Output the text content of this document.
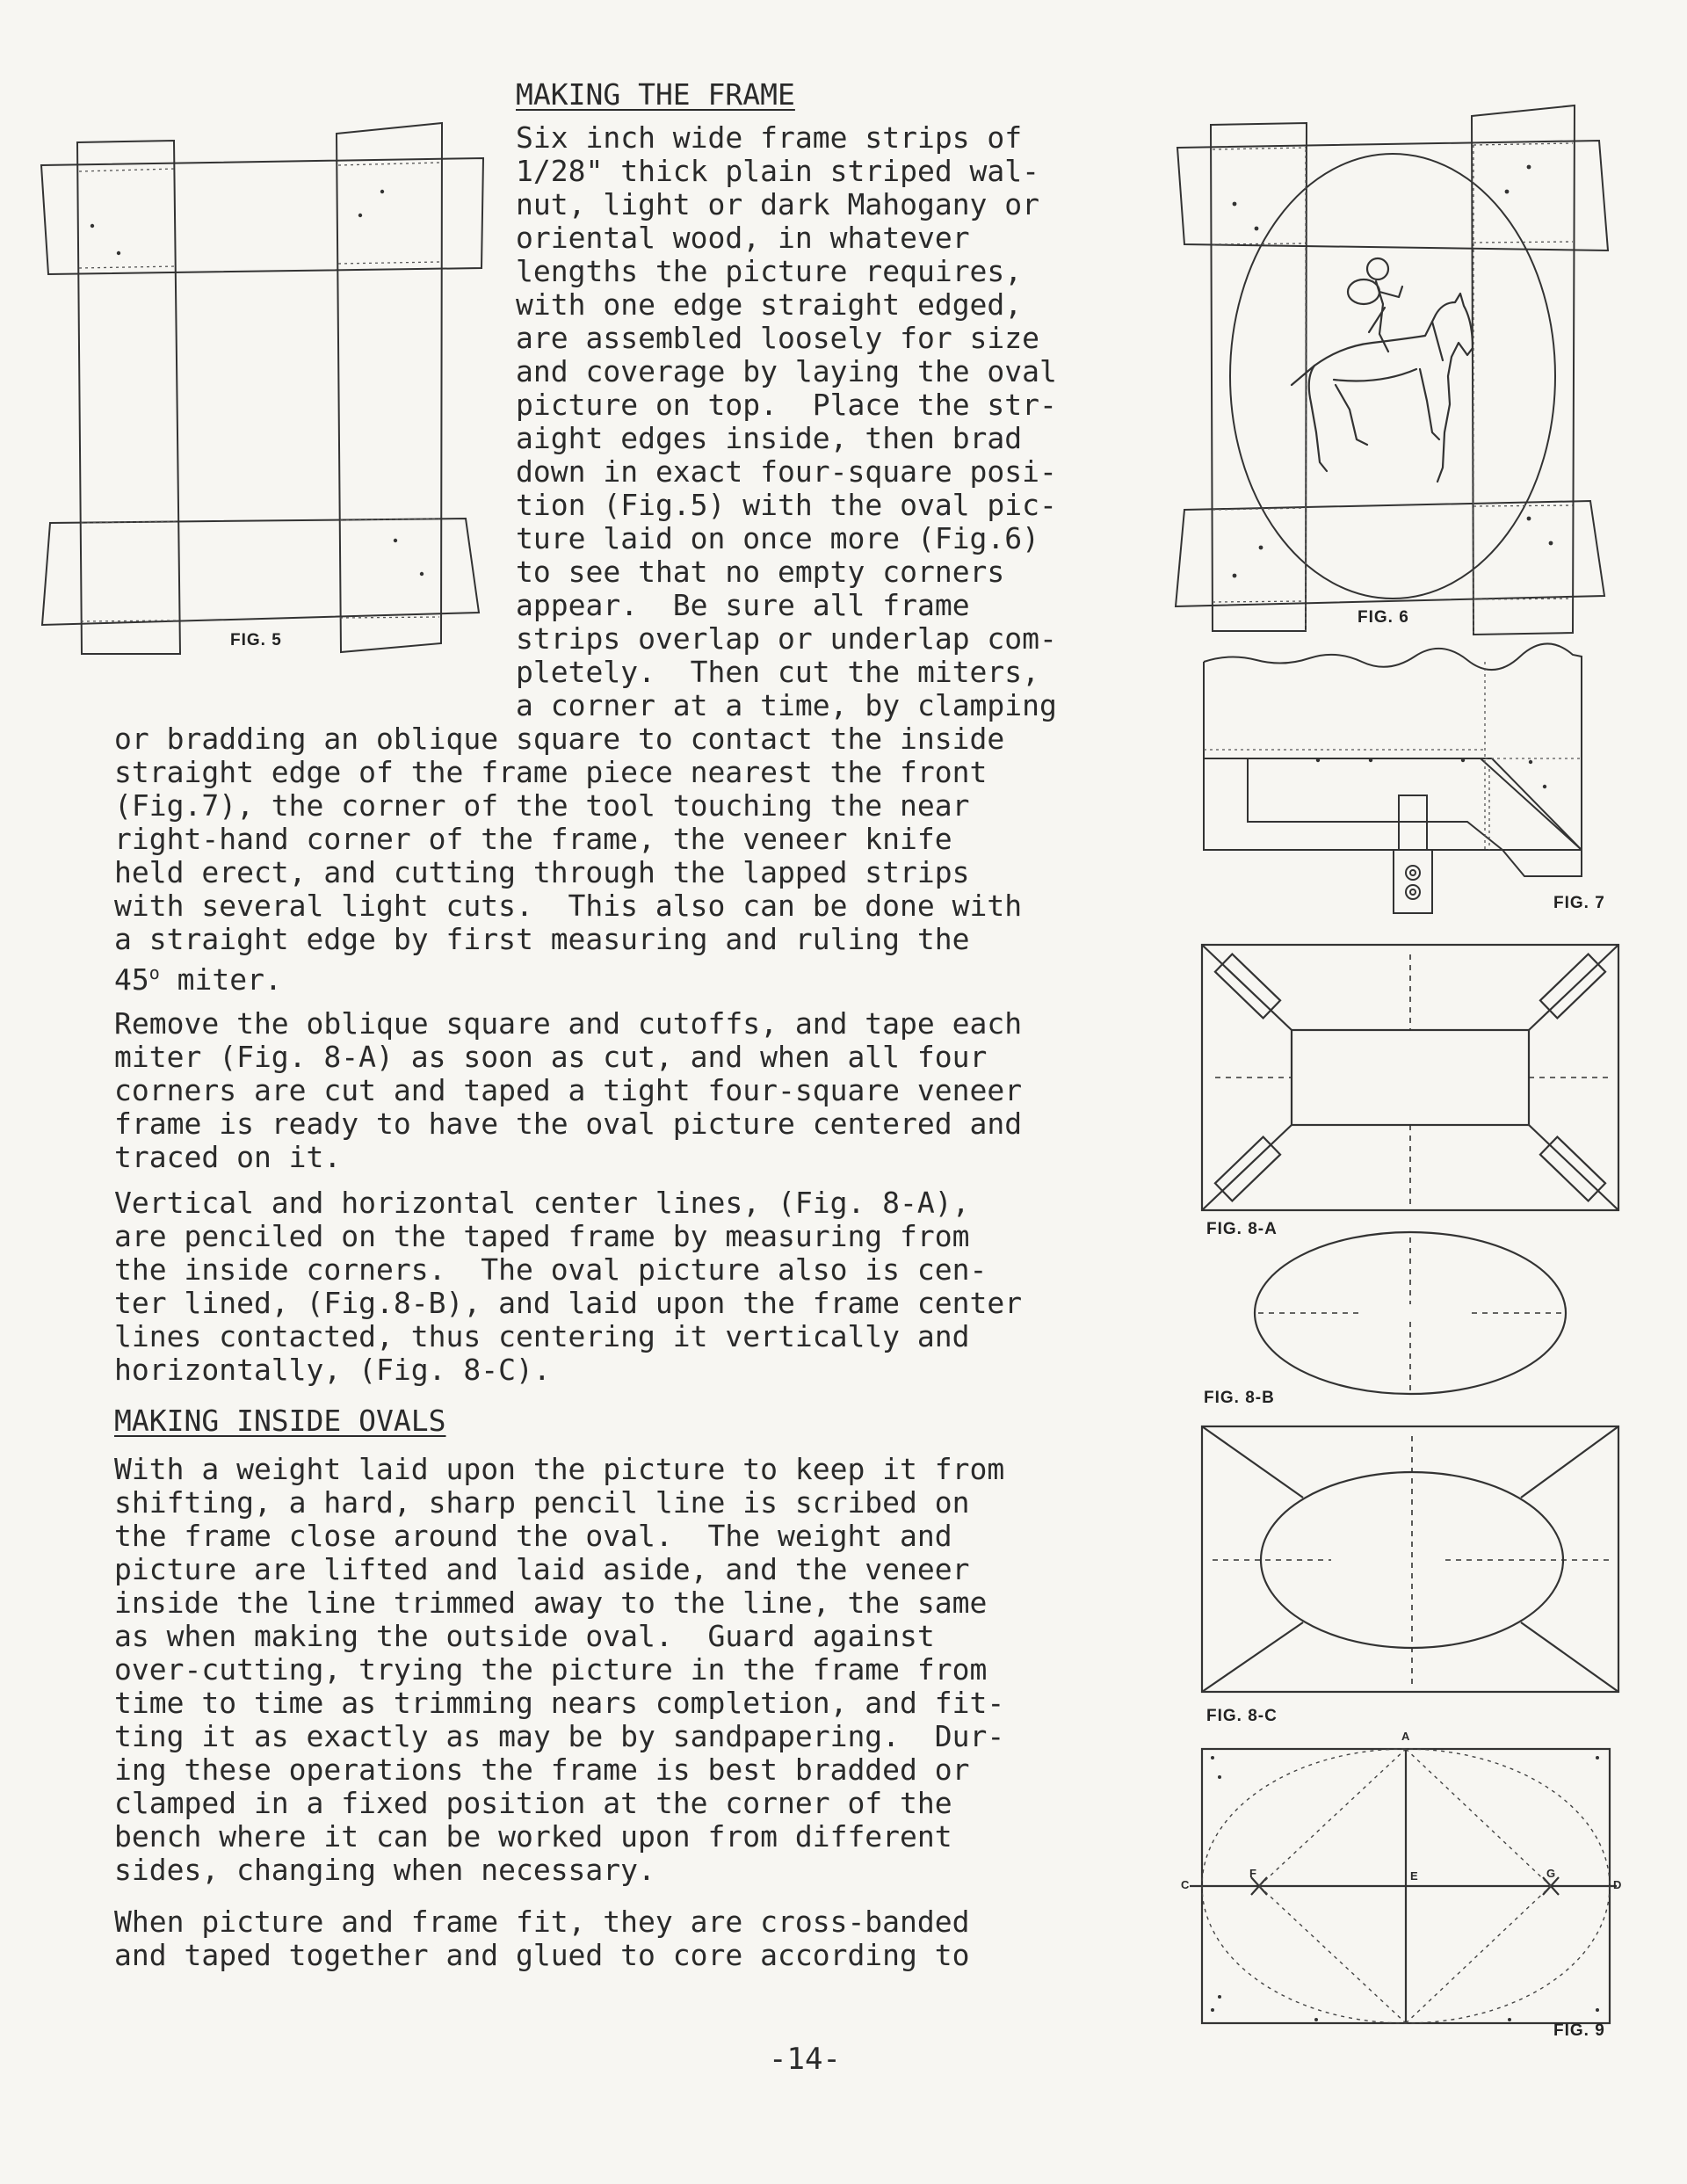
FIG. 5
MAKING THE FRAME
Six inch wide frame strips of
1/28" thick plain striped wal-
nut, light or dark Mahogany or
oriental wood, in whatever
lengths the picture requires,
with one edge straight edged,
are assembled loosely for size
and coverage by laying the oval
picture on top.  Place the str-
aight edges inside, then brad
down in exact four-square posi-
tion (Fig.5) with the oval pic-
ture laid on once more (Fig.6)
to see that no empty corners
appear.  Be sure all frame
strips overlap or underlap com-
pletely.  Then cut the miters,
a corner at a time, by clamping
or bradding an oblique square to contact the inside
straight edge of the frame piece nearest the front
(Fig.7), the corner of the tool touching the near
right-hand corner of the frame, the veneer knife
held erect, and cutting through the lapped strips
with several light cuts.  This also can be done with
a straight edge by first measuring and ruling the
45$^o$ miter.
Remove the oblique square and cutoffs, and tape each
miter (Fig. 8-A) as soon as cut, and when all four
corners are cut and taped a tight four-square veneer
frame is ready to have the oval picture centered and
traced on it.
Vertical and horizontal center lines, (Fig. 8-A),
are penciled on the taped frame by measuring from
the inside corners.  The oval picture also is cen-
ter lined, (Fig.8-B), and laid upon the frame center
lines contacted, thus centering it vertically and
horizontally, (Fig. 8-C).
MAKING INSIDE OVALS
With a weight laid upon the picture to keep it from
shifting, a hard, sharp pencil line is scribed on
the frame close around the oval.  The weight and
picture are lifted and laid aside, and the veneer
inside the line trimmed away to the line, the same
as when making the outside oval.  Guard against
over-cutting, trying the picture in the frame from
time to time as trimming nears completion, and fit-
ting it as exactly as may be by sandpapering.  Dur-
ing these operations the frame is best bradded or
clamped in a fixed position at the corner of the
bench where it can be worked upon from different
sides, changing when necessary.
When picture and frame fit, they are cross-banded
and taped together and glued to core according to
-14-
FIG. 6
FIG. 7
FIG. 8-A
FIG. 8-B
FIG. 8-C
A
C	D
E
F	G
FIG. 9
